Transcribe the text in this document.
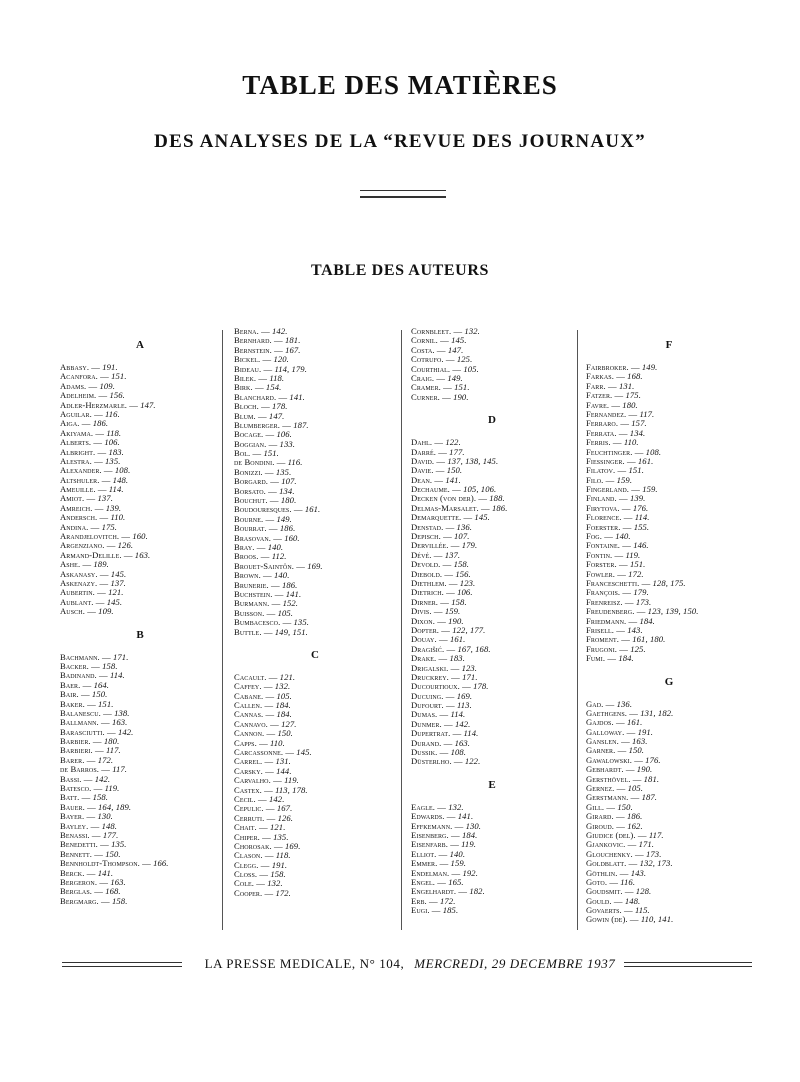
TABLE DES MATIÈRES
DES ANALYSES DE LA “REVUE DES JOURNAUX”
TABLE DES AUTEURS
A
Abbasy. — 191.
Acanfora. — 151.
Adams. — 109.
Adelheim. — 156.
Adler-Herzmarle. — 147.
Aguilar. — 116.
Aiga. — 186.
Akiyama. — 118.
Alberts. — 106.
Albright. — 183.
Alestra. — 135.
Alexander. — 108.
Altshuler. — 148.
Ameuille. — 114.
Amiot. — 137.
Amreich. — 139.
Andersch. — 110.
Andina. — 175.
Arandjelovitch. — 160.
Argenziano. — 126.
Armand-Delille. — 163.
Ashe. — 189.
Askanasy. — 145.
Askenazy. — 137.
Aubertin. — 121.
Aublant. — 145.
Ausch. — 109.
B
Bachmann. — 171.
Backer. — 158.
Badinand. — 114.
Baer. — 164.
Bair. — 150.
Baker. — 151.
Balanescu. — 138.
Ballmann. — 163.
Barasciutti. — 142.
Barbier. — 180.
Barbieri. — 117.
Barer. — 172.
de Barros. — 117.
Bassi. — 142.
Batesco. — 119.
Batt. — 158.
Bauer. — 164, 189.
Bayer. — 130.
Bayley. — 148.
Benassi. — 177.
Benedetti. — 135.
Bennett. — 150.
Bennholdt-Thompson. — 166.
Berck. — 141.
Bergeron. — 163.
Berglas. — 168.
Bergmarg. — 158.
Berna. — 142.
Bernhard. — 181.
Bernstein. — 167.
Bickel. — 120.
Bideau. — 114, 179.
Bilek. — 118.
Birk. — 154.
Blanchard. — 141.
Bloch. — 178.
Blum. — 147.
Blumberger. — 187.
Bocage. — 106.
Boggian. — 133.
Bol. — 151.
de Bondini. — 116.
Bonizzi. — 135.
Borgard. — 107.
Borsato. — 134.
Bouchut. — 180.
Boudouresques. — 161.
Bourne. — 149.
Bourrat. — 186.
Brasovan. — 160.
Bray. — 140.
Broos. — 112.
Brouet-Saintôn. — 169.
Brown. — 140.
Brunerie. — 186.
Buchstein. — 141.
Burmann. — 152.
Buisson. — 105.
Bumbacesco. — 135.
Buttle. — 149, 151.
C
Cacault. — 121.
Caffey. — 132.
Cabane. — 105.
Callen. — 184.
Cannas. — 184.
Cannavo. — 127.
Cannon. — 150.
Capps. — 110.
Carcassonne. — 145.
Carrel. — 131.
Carsky. — 144.
Carvalho. — 119.
Castex. — 113, 178.
Cecil. — 142.
Cepulic. — 167.
Cerruti. — 126.
Chait. — 121.
Chiper. — 135.
Chorosak. — 169.
Clason. — 118.
Clegg. — 191.
Closs. — 158.
Cole. — 132.
Cooper. — 172.
Cornbleet. — 132.
Cornil. — 145.
Costa. — 147.
Cotrufo. — 125.
Courthial. — 105.
Craig. — 149.
Cramer. — 151.
Curner. — 190.
D
Dahl. — 122.
Darré. — 177.
David. — 137, 138, 145.
Davie. — 150.
Dean. — 141.
Dechaume. — 105, 106.
Decken (von der). — 188.
Delmas-Marsalet. — 186.
Demarquette. — 145.
Denstad. — 136.
Depisch. — 107.
Dervillée. — 179.
Dévé. — 137.
Devold. — 158.
Diebold. — 156.
Diethlem. — 123.
Dietrich. — 106.
Dirner. — 158.
Divis. — 159.
Dixon. — 190.
Dopter. — 122, 177.
Douay. — 161.
Dragišić. — 167, 168.
Drake. — 183.
Drigalski. — 123.
Druckrey. — 171.
Ducourtioux. — 178.
Ducuing. — 169.
Dufourt. — 113.
Dumas. — 114.
Dunmer. — 142.
Dupertrat. — 114.
Durand. — 163.
Dussik. — 108.
Düsterlho. — 122.
E
Eagle. — 132.
Edwards. — 141.
Effkemann. — 130.
Eisenberg. — 184.
Eisenfarb. — 119.
Elliot. — 140.
Emmer. — 159.
Endelman. — 192.
Engel. — 165.
Engelhardt. — 182.
Erb. — 172.
Eugi. — 185.
F
Fairbroker. — 149.
Farkas. — 168.
Farr. — 131.
Fatzer. — 175.
Favre. — 180.
Fernandez. — 117.
Ferraro. — 157.
Ferrata. — 134.
Ferris. — 110.
Feuchtinger. — 108.
Fiessinger. — 161.
Filatov. — 151.
Filo. — 159.
Fingerland. — 159.
Finland. — 139.
Firytova. — 176.
Florence. — 114.
Foerster. — 155.
Fog. — 140.
Fontaine. — 146.
Fontin. — 119.
Forster. — 151.
Fowler. — 172.
Franceschetti. — 128, 175.
François. — 179.
Frenreisz. — 173.
Freudenberg. — 123, 139, 150.
Friedmann. — 184.
Frisell. — 143.
Froment. — 161, 180.
Frugoni. — 125.
Fumi. — 184.
G
Gad. — 136.
Gaethgens. — 131, 182.
Gajdos. — 161.
Galloway. — 191.
Ganslen. — 163.
Garner. — 150.
Gawalowski. — 176.
Gebhardt. — 190.
Gersthövel. — 181.
Gernez. — 105.
Gerstmann. — 187.
Gill. — 150.
Girard. — 186.
Giroud. — 162.
Giudice (del). — 117.
Gjankovic. — 171.
Glouchenky. — 173.
Goldblatt. — 132, 173.
Göthlin. — 143.
Goto. — 116.
Goudsmit. — 128.
Gould. — 148.
Govaerts. — 115.
Gowin (de). — 110, 141.
LA PRESSE MEDICALE, N° 104, MERCREDI, 29 DECEMBRE 1937
